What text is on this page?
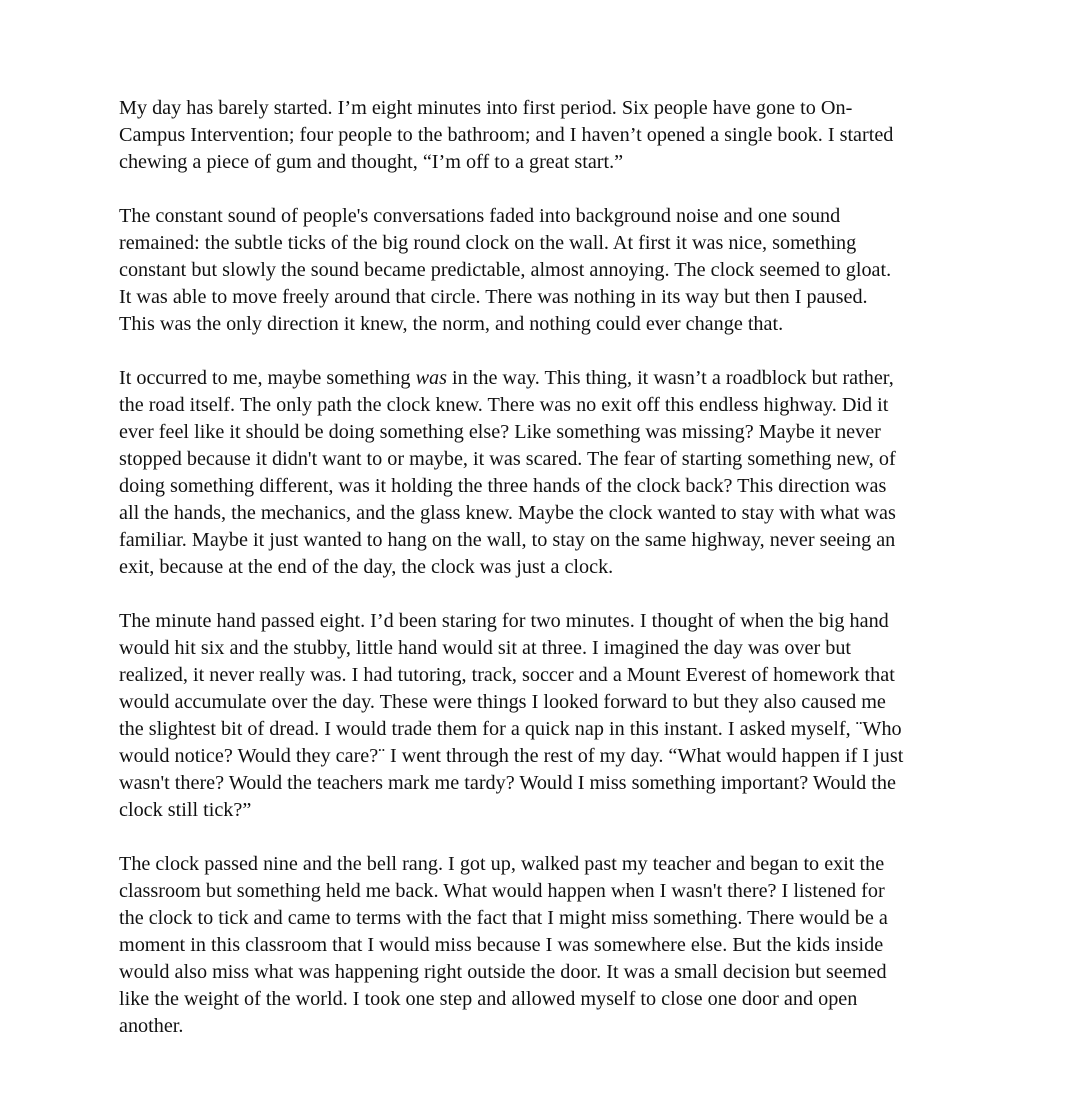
My day has barely started. I’m eight minutes into first period. Six people have gone to On-
Campus Intervention; four people to the bathroom; and I haven’t opened a single book. I started
chewing a piece of gum and thought, “I’m off to a great start.”

The constant sound of people's conversations faded into background noise and one sound
remained: the subtle ticks of the big round clock on the wall. At first it was nice, something
constant but slowly the sound became predictable, almost annoying. The clock seemed to gloat.
It was able to move freely around that circle. There was nothing in its way but then I paused.
This was the only direction it knew, the norm, and nothing could ever change that.

It occurred to me, maybe something was in the way. This thing, it wasn’t a roadblock but rather,
the road itself. The only path the clock knew. There was no exit off this endless highway. Did it
ever feel like it should be doing something else? Like something was missing? Maybe it never
stopped because it didn't want to or maybe, it was scared. The fear of starting something new, of
doing something different, was it holding the three hands of the clock back? This direction was
all the hands, the mechanics, and the glass knew. Maybe the clock wanted to stay with what was
familiar. Maybe it just wanted to hang on the wall, to stay on the same highway, never seeing an
exit, because at the end of the day, the clock was just a clock.

The minute hand passed eight. I’d been staring for two minutes. I thought of when the big hand
would hit six and the stubby, little hand would sit at three. I imagined the day was over but
realized, it never really was. I had tutoring, track, soccer and a Mount Everest of homework that
would accumulate over the day. These were things I looked forward to but they also caused me
the slightest bit of dread. I would trade them for a quick nap in this instant. I asked myself, ¨Who
would notice? Would they care?¨ I went through the rest of my day. “What would happen if I just
wasn't there? Would the teachers mark me tardy? Would I miss something important? Would the
clock still tick?”

The clock passed nine and the bell rang. I got up, walked past my teacher and began to exit the
classroom but something held me back. What would happen when I wasn't there? I listened for
the clock to tick and came to terms with the fact that I might miss something. There would be a
moment in this classroom that I would miss because I was somewhere else. But the kids inside
would also miss what was happening right outside the door. It was a small decision but seemed
like the weight of the world. I took one step and allowed myself to close one door and open
another.
